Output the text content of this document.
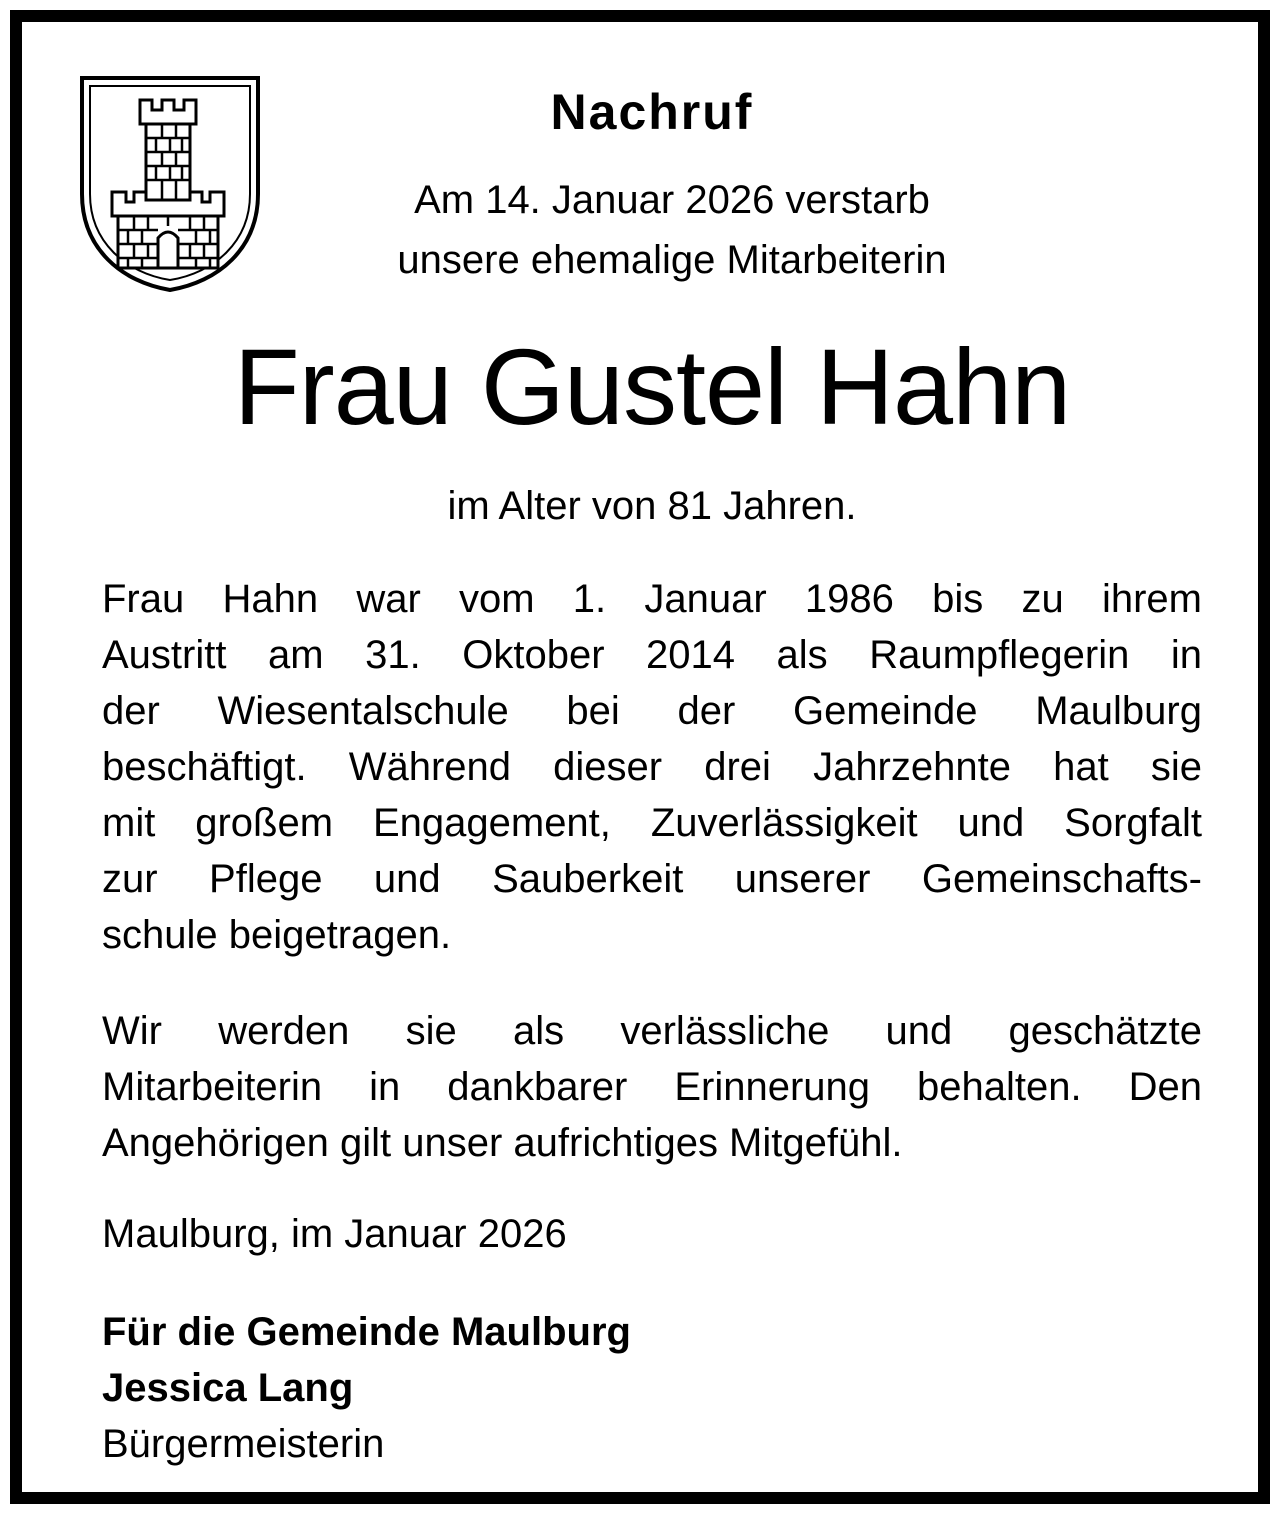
Nachruf
Am 14. Januar 2026 verstarb
unsere ehemalige Mitarbeiterin
Frau Gustel Hahn
im Alter von 81 Jahren.
Frau Hahn war vom 1. Januar 1986 bis zu ihrem
Austritt am 31. Oktober 2014 als Raumpflegerin in
der Wiesentalschule bei der Gemeinde Maulburg
beschäftigt. Während dieser drei Jahrzehnte hat sie
mit großem Engagement, Zuverlässigkeit und Sorgfalt
zur Pflege und Sauberkeit unserer Gemeinschafts-
schule beigetragen.
Wir werden sie als verlässliche und geschätzte
Mitarbeiterin in dankbarer Erinnerung behalten. Den
Angehörigen gilt unser aufrichtiges Mitgefühl.
Maulburg, im Januar 2026
Für die Gemeinde Maulburg
Jessica Lang
Bürgermeisterin
